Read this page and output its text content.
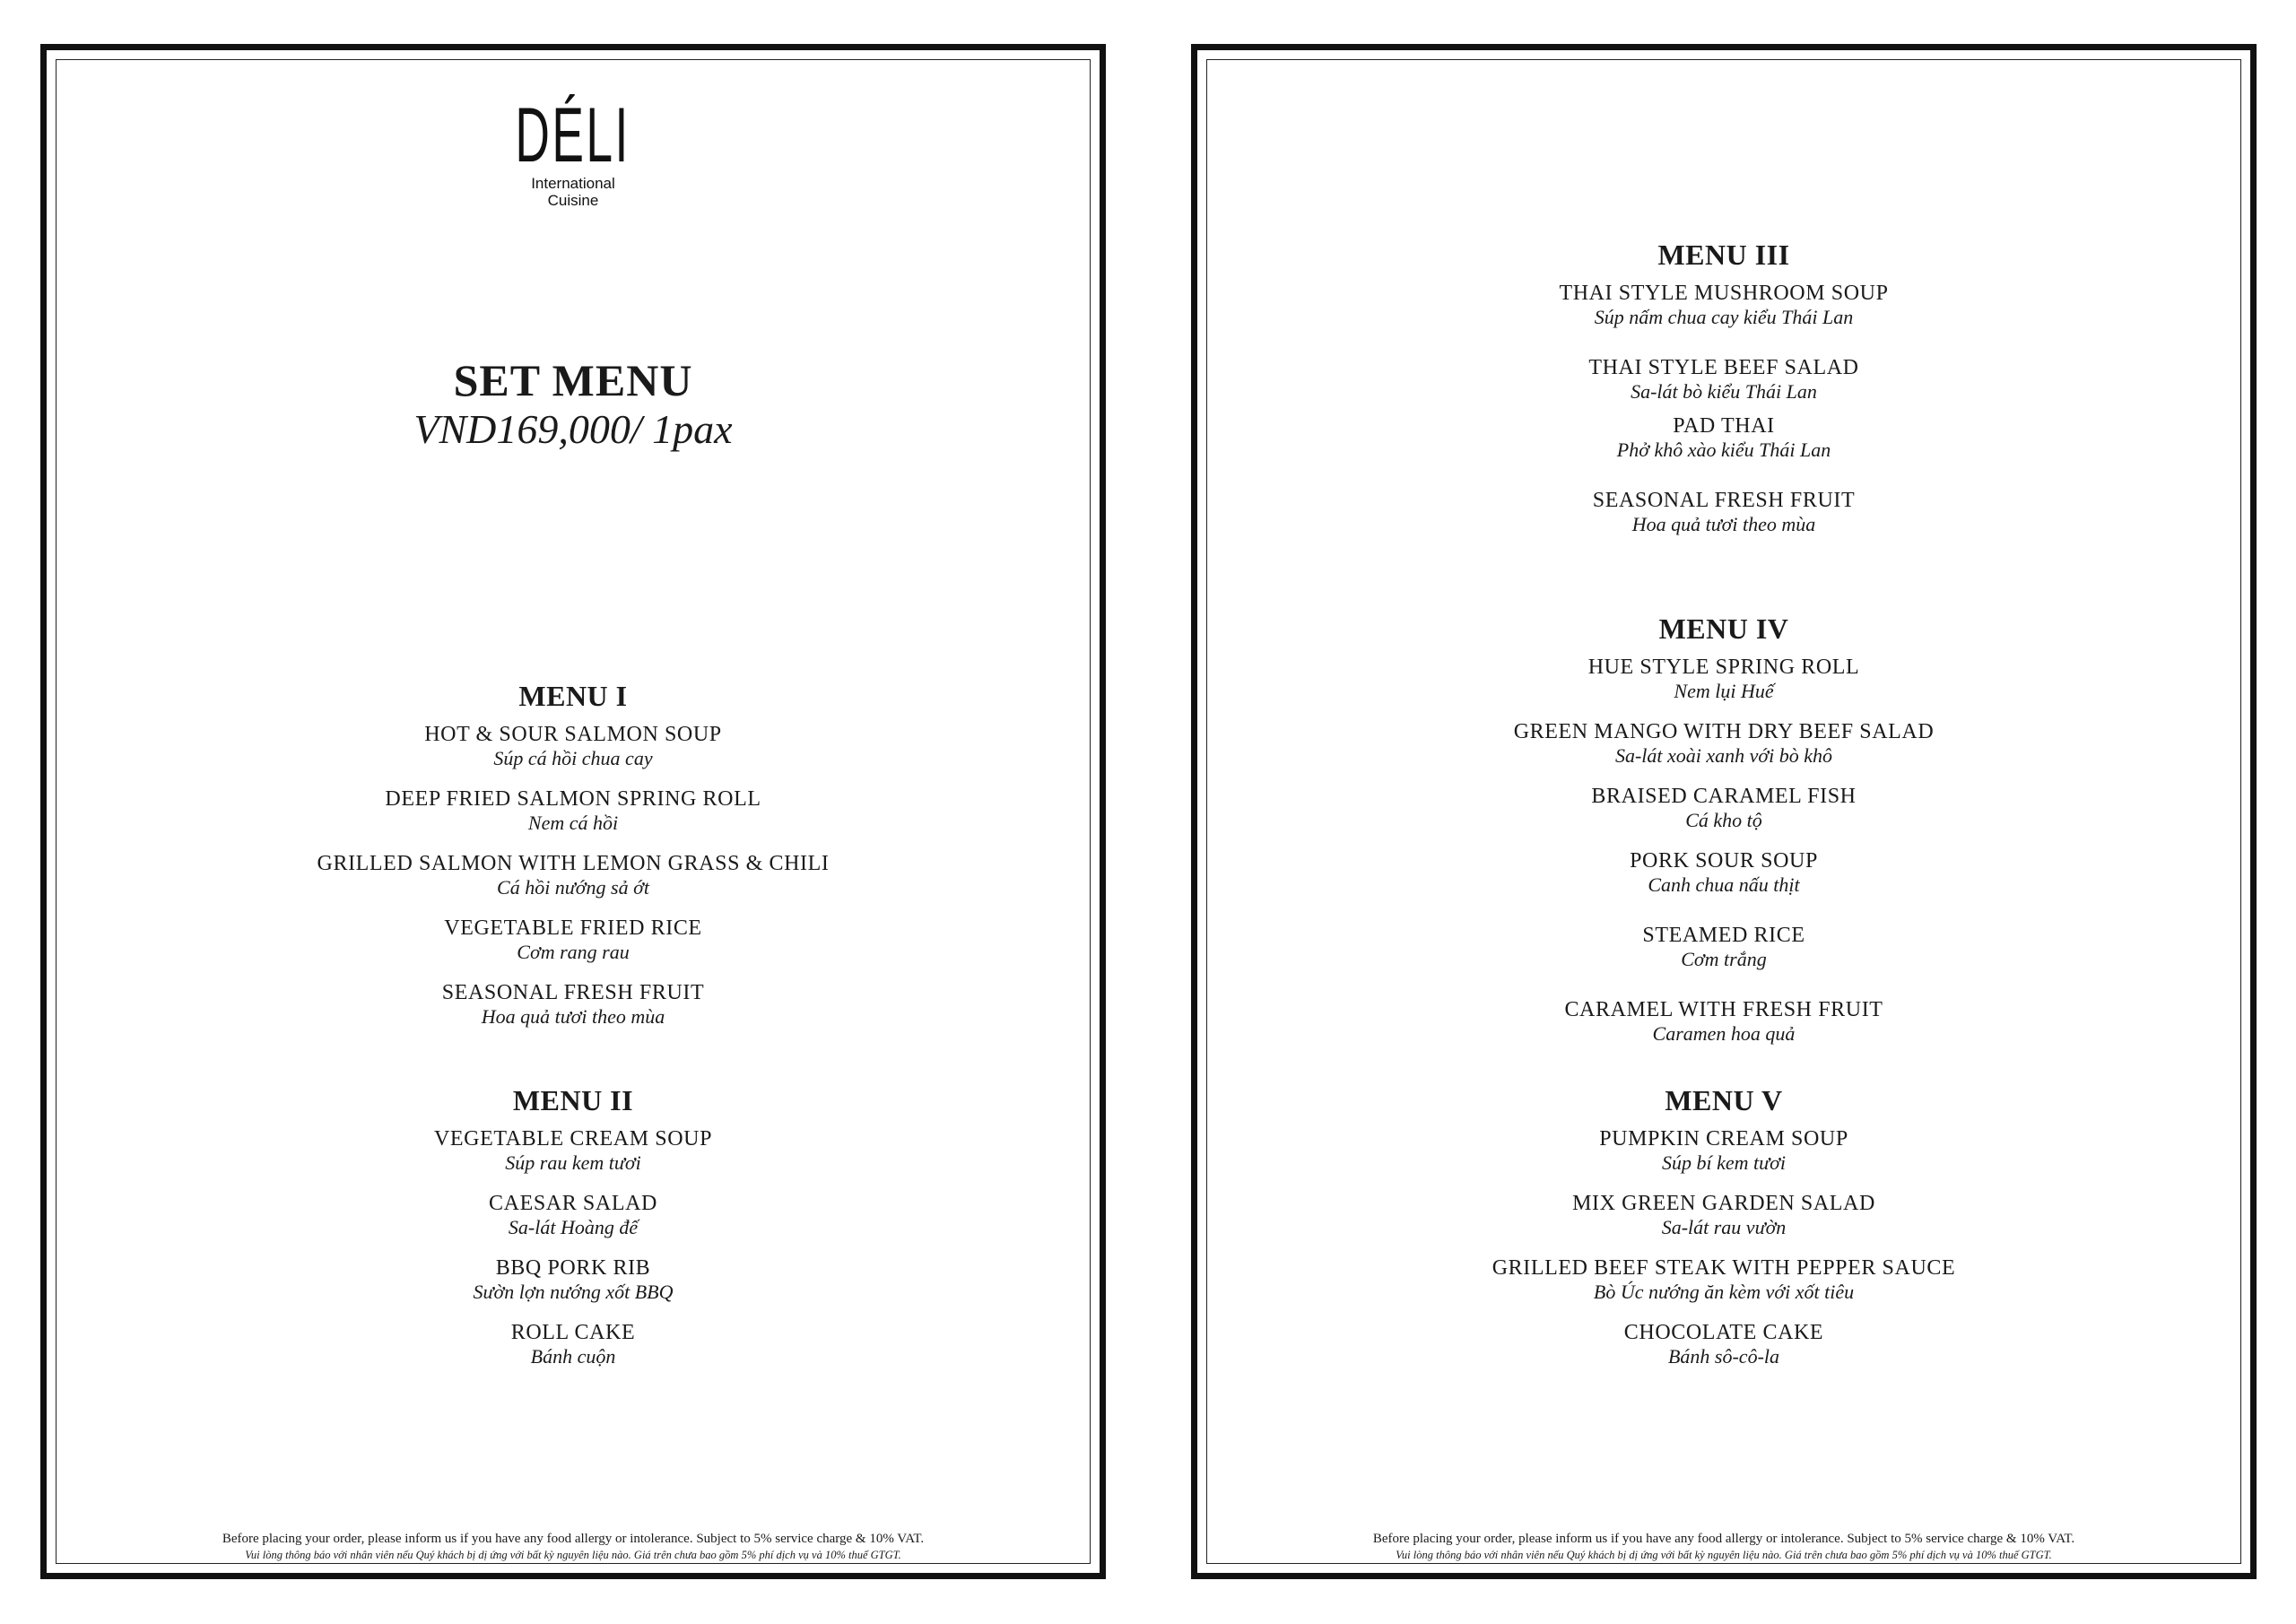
DÉLI
International
Cuisine
SET MENU
VND169,000/ 1pax
MENU I
HOT & SOUR SALMON SOUP
Súp cá hồi chua cay
DEEP FRIED SALMON SPRING ROLL
Nem cá hồi
GRILLED SALMON WITH LEMON GRASS & CHILI
Cá hồi nướng sả ớt
VEGETABLE FRIED RICE
Cơm rang rau
SEASONAL FRESH FRUIT
Hoa quả tươi theo mùa
MENU II
VEGETABLE CREAM SOUP
Súp rau kem tươi
CAESAR SALAD
Sa-lát Hoàng đế
BBQ PORK RIB
Sườn lợn nướng xốt BBQ
ROLL CAKE
Bánh cuộn
Before placing your order, please inform us if you have any food allergy or intolerance. Subject to 5% service charge & 10% VAT.
Vui lòng thông báo với nhân viên nếu Quý khách bị dị ứng với bất kỳ nguyên liệu nào. Giá trên chưa bao gồm 5% phí dịch vụ và 10% thuế GTGT.
MENU III
THAI STYLE MUSHROOM SOUP
Súp nấm chua cay kiểu Thái Lan
THAI STYLE BEEF SALAD
Sa-lát bò kiểu Thái Lan
PAD THAI
Phở khô xào kiểu Thái Lan
SEASONAL FRESH FRUIT
Hoa quả tươi theo mùa
MENU IV
HUE STYLE SPRING ROLL
Nem lụi Huế
GREEN MANGO WITH DRY BEEF SALAD
Sa-lát xoài xanh với bò khô
BRAISED CARAMEL FISH
Cá kho tộ
PORK SOUR SOUP
Canh chua nấu thịt
STEAMED RICE
Cơm trắng
CARAMEL WITH FRESH FRUIT
Caramen hoa quả
MENU V
PUMPKIN CREAM SOUP
Súp bí kem tươi
MIX GREEN GARDEN SALAD
Sa-lát rau vườn
GRILLED BEEF STEAK WITH PEPPER SAUCE
Bò Úc nướng ăn kèm với xốt tiêu
CHOCOLATE CAKE
Bánh sô-cô-la
Before placing your order, please inform us if you have any food allergy or intolerance. Subject to 5% service charge & 10% VAT.
Vui lòng thông báo với nhân viên nếu Quý khách bị dị ứng với bất kỳ nguyên liệu nào. Giá trên chưa bao gồm 5% phí dịch vụ và 10% thuế GTGT.
